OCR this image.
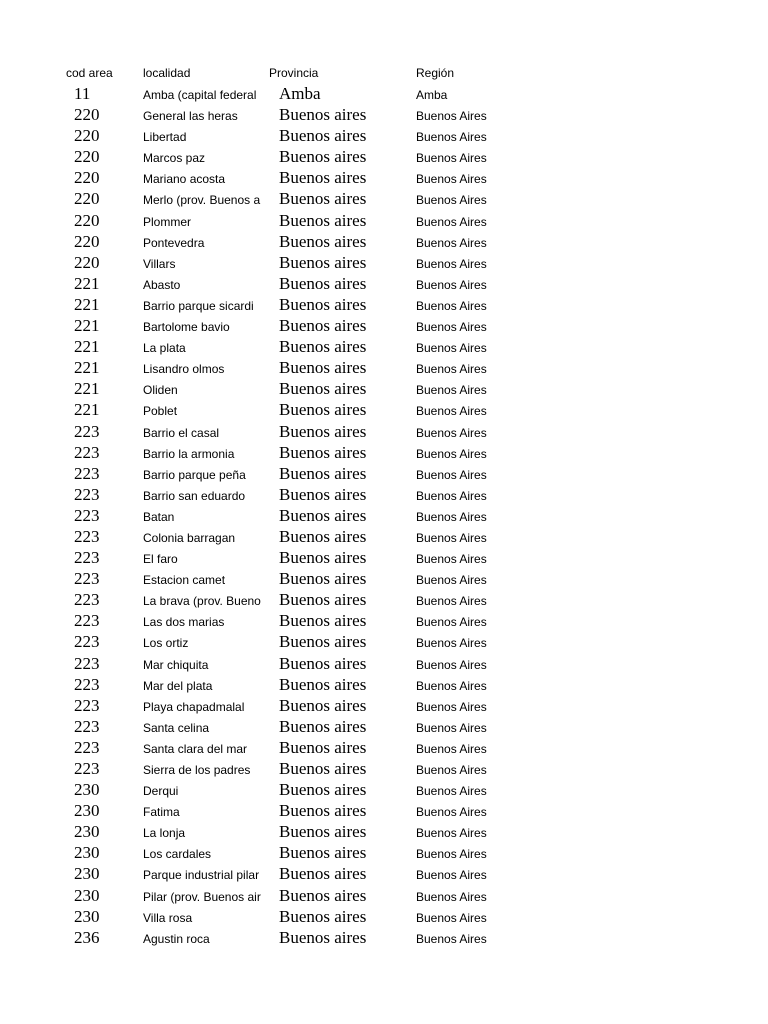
cod area	localidad	Provincia	Región
11	Amba (capital federal	Amba	Amba
220	General las heras	Buenos aires	Buenos Aires
220	Libertad	Buenos aires	Buenos Aires
220	Marcos paz	Buenos aires	Buenos Aires
220	Mariano acosta	Buenos aires	Buenos Aires
220	Merlo (prov. Buenos a	Buenos aires	Buenos Aires
220	Plommer	Buenos aires	Buenos Aires
220	Pontevedra	Buenos aires	Buenos Aires
220	Villars	Buenos aires	Buenos Aires
221	Abasto	Buenos aires	Buenos Aires
221	Barrio parque sicardi	Buenos aires	Buenos Aires
221	Bartolome bavio	Buenos aires	Buenos Aires
221	La plata	Buenos aires	Buenos Aires
221	Lisandro olmos	Buenos aires	Buenos Aires
221	Oliden	Buenos aires	Buenos Aires
221	Poblet	Buenos aires	Buenos Aires
223	Barrio el casal	Buenos aires	Buenos Aires
223	Barrio la armonia	Buenos aires	Buenos Aires
223	Barrio parque peña	Buenos aires	Buenos Aires
223	Barrio san eduardo	Buenos aires	Buenos Aires
223	Batan	Buenos aires	Buenos Aires
223	Colonia barragan	Buenos aires	Buenos Aires
223	El faro	Buenos aires	Buenos Aires
223	Estacion camet	Buenos aires	Buenos Aires
223	La brava (prov. Bueno	Buenos aires	Buenos Aires
223	Las dos marias	Buenos aires	Buenos Aires
223	Los ortiz	Buenos aires	Buenos Aires
223	Mar chiquita	Buenos aires	Buenos Aires
223	Mar del plata	Buenos aires	Buenos Aires
223	Playa chapadmalal	Buenos aires	Buenos Aires
223	Santa celina	Buenos aires	Buenos Aires
223	Santa clara del mar	Buenos aires	Buenos Aires
223	Sierra de los padres	Buenos aires	Buenos Aires
230	Derqui	Buenos aires	Buenos Aires
230	Fatima	Buenos aires	Buenos Aires
230	La lonja	Buenos aires	Buenos Aires
230	Los cardales	Buenos aires	Buenos Aires
230	Parque industrial pilar	Buenos aires	Buenos Aires
230	Pilar (prov. Buenos air	Buenos aires	Buenos Aires
230	Villa rosa	Buenos aires	Buenos Aires
236	Agustin roca	Buenos aires	Buenos Aires
